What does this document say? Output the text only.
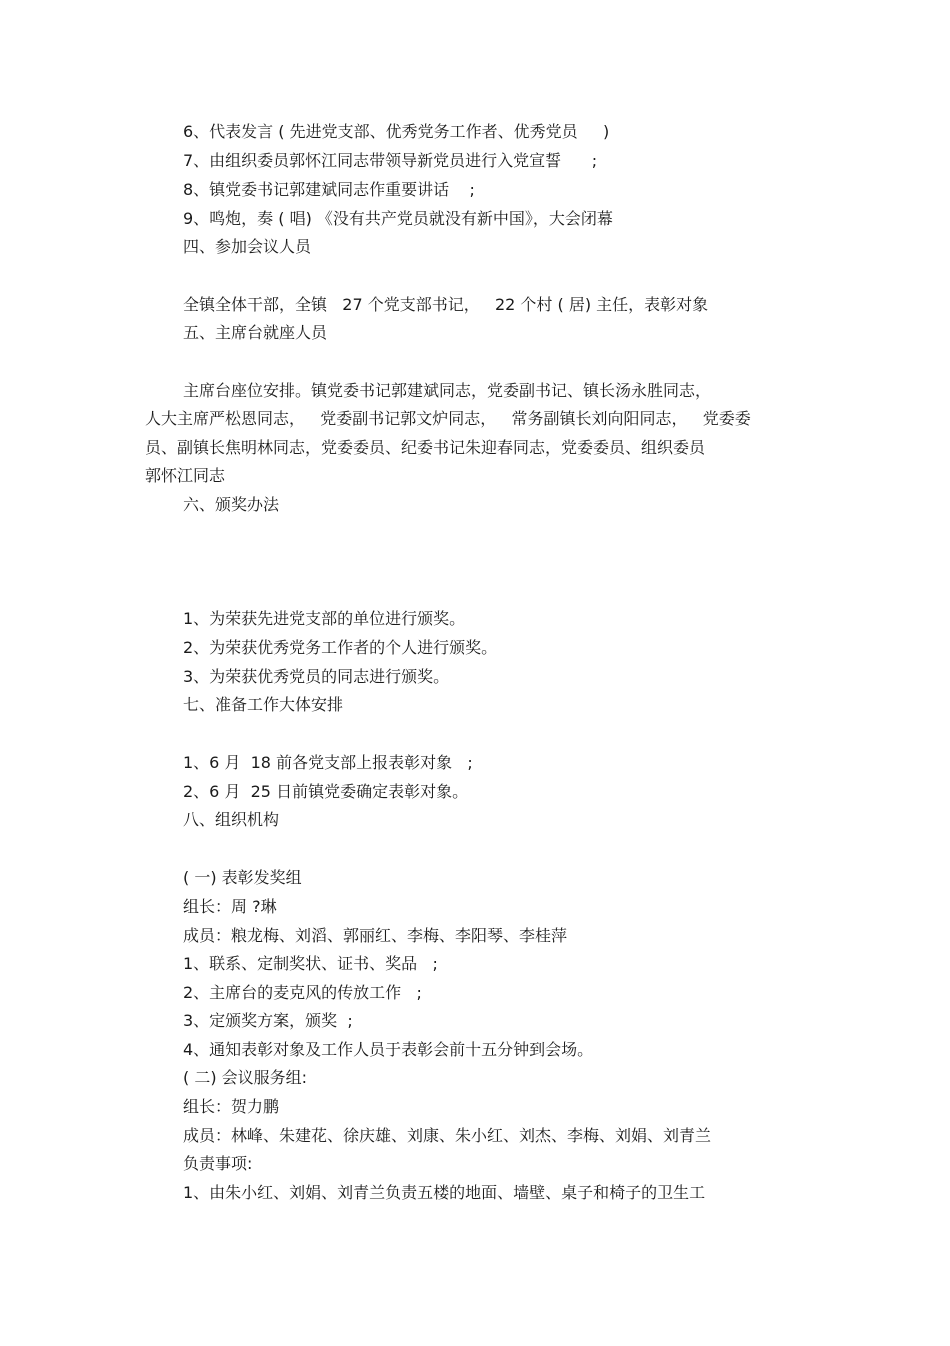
6、代表发言 ( 先进党支部、优秀党务工作者、优秀党员     )
7、由组织委员郭怀江同志带领导新党员进行入党宣誓      ;
8、镇党委书记郭建斌同志作重要讲话    ;
9、鸣炮，奏 ( 唱) 《没有共产党员就没有新中国》，大会闭幕
四、参加会议人员
全镇全体干部，全镇   27 个党支部书记，   22 个村 ( 居) 主任，表彰对象
五、主席台就座人员
主席台座位安排。镇党委书记郭建斌同志，党委副书记、镇长汤永胜同志，
人大主席严松恩同志，   党委副书记郭文炉同志，   常务副镇长刘向阳同志，   党委委
员、副镇长焦明林同志，党委委员、纪委书记朱迎春同志，党委委员、组织委员
郭怀江同志
六、颁奖办法
1、为荣获先进党支部的单位进行颁奖。
2、为荣获优秀党务工作者的个人进行颁奖。
3、为荣获优秀党员的同志进行颁奖。
七、准备工作大体安排
1、6 月  18 前各党支部上报表彰对象   ;
2、6 月  25 日前镇党委确定表彰对象。
八、组织机构
( 一) 表彰发奖组
组长：周 ?琳
成员：粮龙梅、刘滔、郭丽红、李梅、李阳琴、李桂萍
1、联系、定制奖状、证书、奖品   ;
2、主席台的麦克风的传放工作   ;
3、定颁奖方案，颁奖  ;
4、通知表彰对象及工作人员于表彰会前十五分钟到会场。
( 二) 会议服务组:
组长：贺力鹏
成员：林峰、朱建花、徐庆雄、刘康、朱小红、刘杰、李梅、刘娟、刘青兰
负责事项:
1、由朱小红、刘娟、刘青兰负责五楼的地面、墙壁、桌子和椅子的卫生工
